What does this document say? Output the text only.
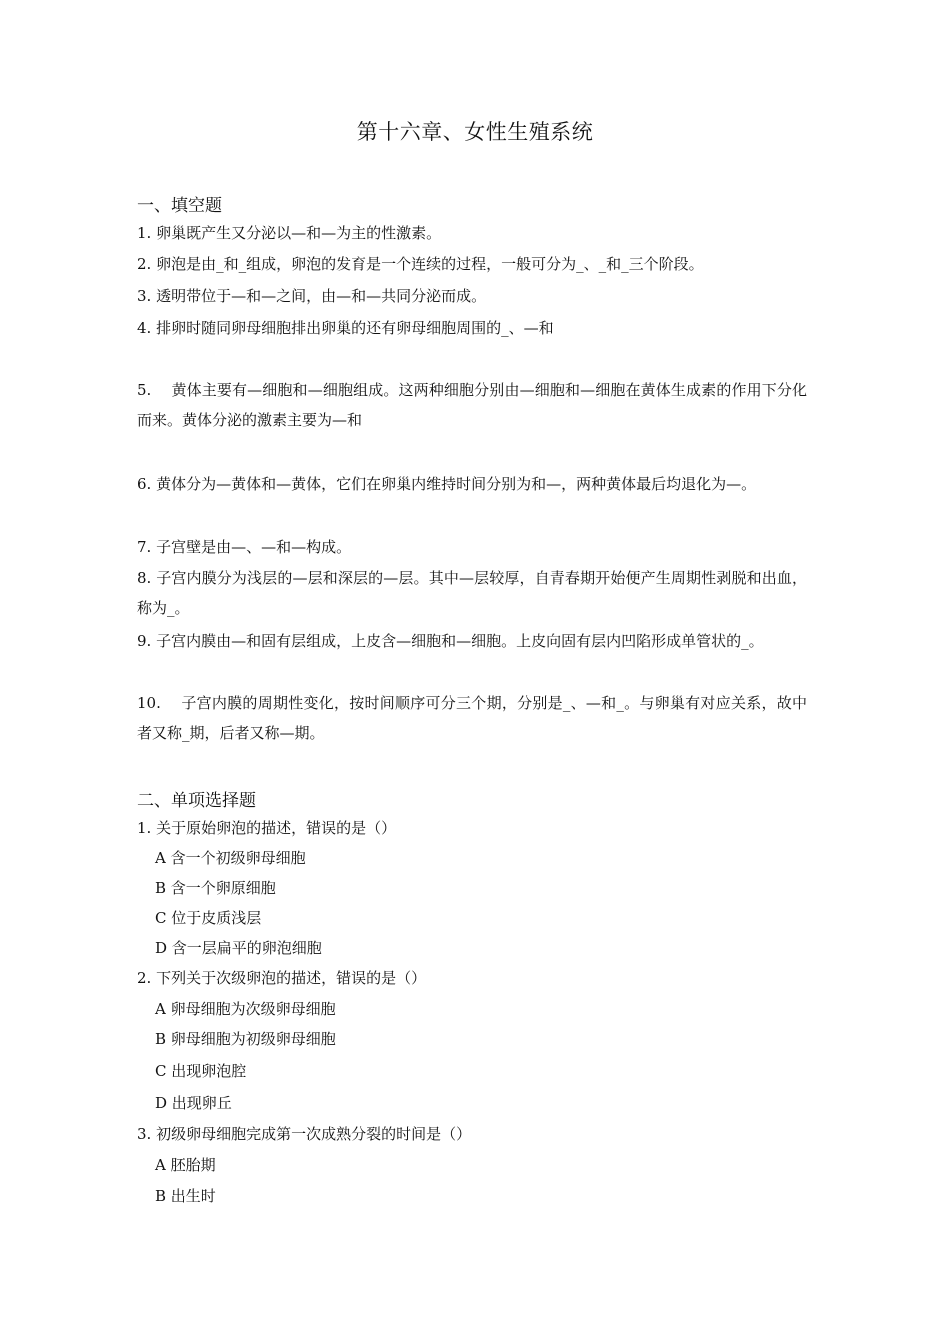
第十六章、女性生殖系统
一、填空题
1. 卵巢既产生又分泌以—和—为主的性激素。
2. 卵泡是由_和_组成，卵泡的发育是一个连续的过程，一般可分为_、_和_三个阶段。
3. 透明带位于—和—之间，由—和—共同分泌而成。
4. 排卵时随同卵母细胞排出卵巢的还有卵母细胞周围的_、—和
5.　 黄体主要有—细胞和—细胞组成。这两种细胞分别由—细胞和—细胞在黄体生成素的作用下分化而来。黄体分泌的激素主要为—和
6. 黄体分为—黄体和—黄体，它们在卵巢内维持时间分别为和—，两种黄体最后均退化为—。
7. 子宫壁是由—、—和—构成。
8. 子宫内膜分为浅层的—层和深层的—层。其中—层较厚，自青春期开始便产生周期性剥脱和出血，称为_。
9. 子宫内膜由—和固有层组成，上皮含—细胞和—细胞。上皮向固有层内凹陷形成单管状的_。
10.　 子宫内膜的周期性变化，按时间顺序可分三个期，分别是_、—和_。与卵巢有对应关系，故中者又称_期，后者又称—期。
二、单项选择题
1. 关于原始卵泡的描述，错误的是（）
A 含一个初级卵母细胞
B 含一个卵原细胞
C 位于皮质浅层
D 含一层扁平的卵泡细胞
2. 下列关于次级卵泡的描述，错误的是（）
A 卵母细胞为次级卵母细胞
B 卵母细胞为初级卵母细胞
C 出现卵泡腔
D 出现卵丘
3. 初级卵母细胞完成第一次成熟分裂的时间是（）
A 胚胎期
B 出生时
